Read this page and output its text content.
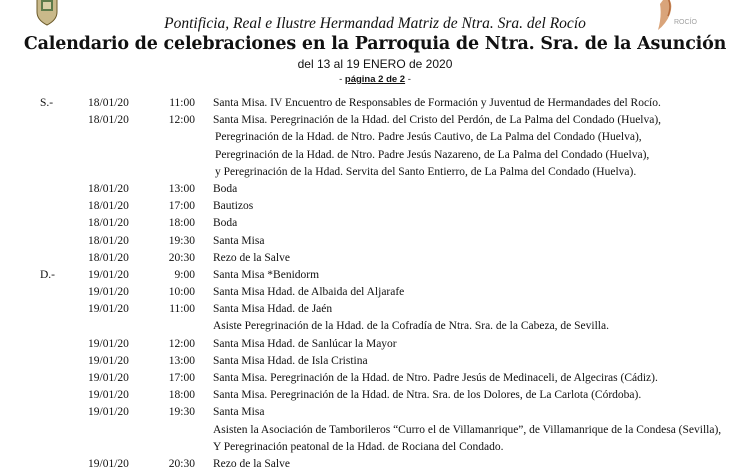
ROCÍO
Pontificia, Real e Ilustre Hermandad Matriz de Ntra. Sra. del Rocío
Calendario de celebraciones en la Parroquia de Ntra. Sra. de la Asunción
del 13 al 19 ENERO de 2020
- página 2 de 2 -
S.-	18/01/20	11:00 Santa Misa. IV Encuentro de Responsables de Formación y Juventud de Hermandades del Rocío.
18/01/20	12:00 Santa Misa. Peregrinación de la Hdad. del Cristo del Perdón, de La Palma del Condado (Huelva),
Peregrinación de la Hdad. de Ntro. Padre Jesús Cautivo, de La Palma del Condado (Huelva),
Peregrinación de la Hdad. de Ntro. Padre Jesús Nazareno, de La Palma del Condado (Huelva),
y Peregrinación de la Hdad. Servita del Santo Entierro, de La Palma del Condado (Huelva).
18/01/20	13:00 Boda
18/01/20	17:00 Bautizos
18/01/20	18:00 Boda
18/01/20	19:30 Santa Misa
18/01/20	20:30 Rezo de la Salve
D.-	19/01/20	9:00 Santa Misa *Benidorm
19/01/20	10:00 Santa Misa Hdad. de Albaida del Aljarafe
19/01/20	11:00 Santa Misa Hdad. de Jaén
Asiste Peregrinación de la Hdad. de la Cofradía de Ntra. Sra. de la Cabeza, de Sevilla.
19/01/20	12:00 Santa Misa Hdad. de Sanlúcar la Mayor
19/01/20	13:00 Santa Misa Hdad. de Isla Cristina
19/01/20	17:00 Santa Misa. Peregrinación de la Hdad. de Ntro. Padre Jesús de Medinaceli, de Algeciras (Cádiz).
19/01/20	18:00 Santa Misa. Peregrinación de la Hdad. de Ntra. Sra. de los Dolores, de La Carlota (Córdoba).
19/01/20	19:30 Santa Misa
Asisten la Asociación de Tamborileros “Curro el de Villamanrique”, de Villamanrique de la Condesa (Sevilla),
Y Peregrinación peatonal de la Hdad. de Rociana del Condado.
19/01/20	20:30 Rezo de la Salve
